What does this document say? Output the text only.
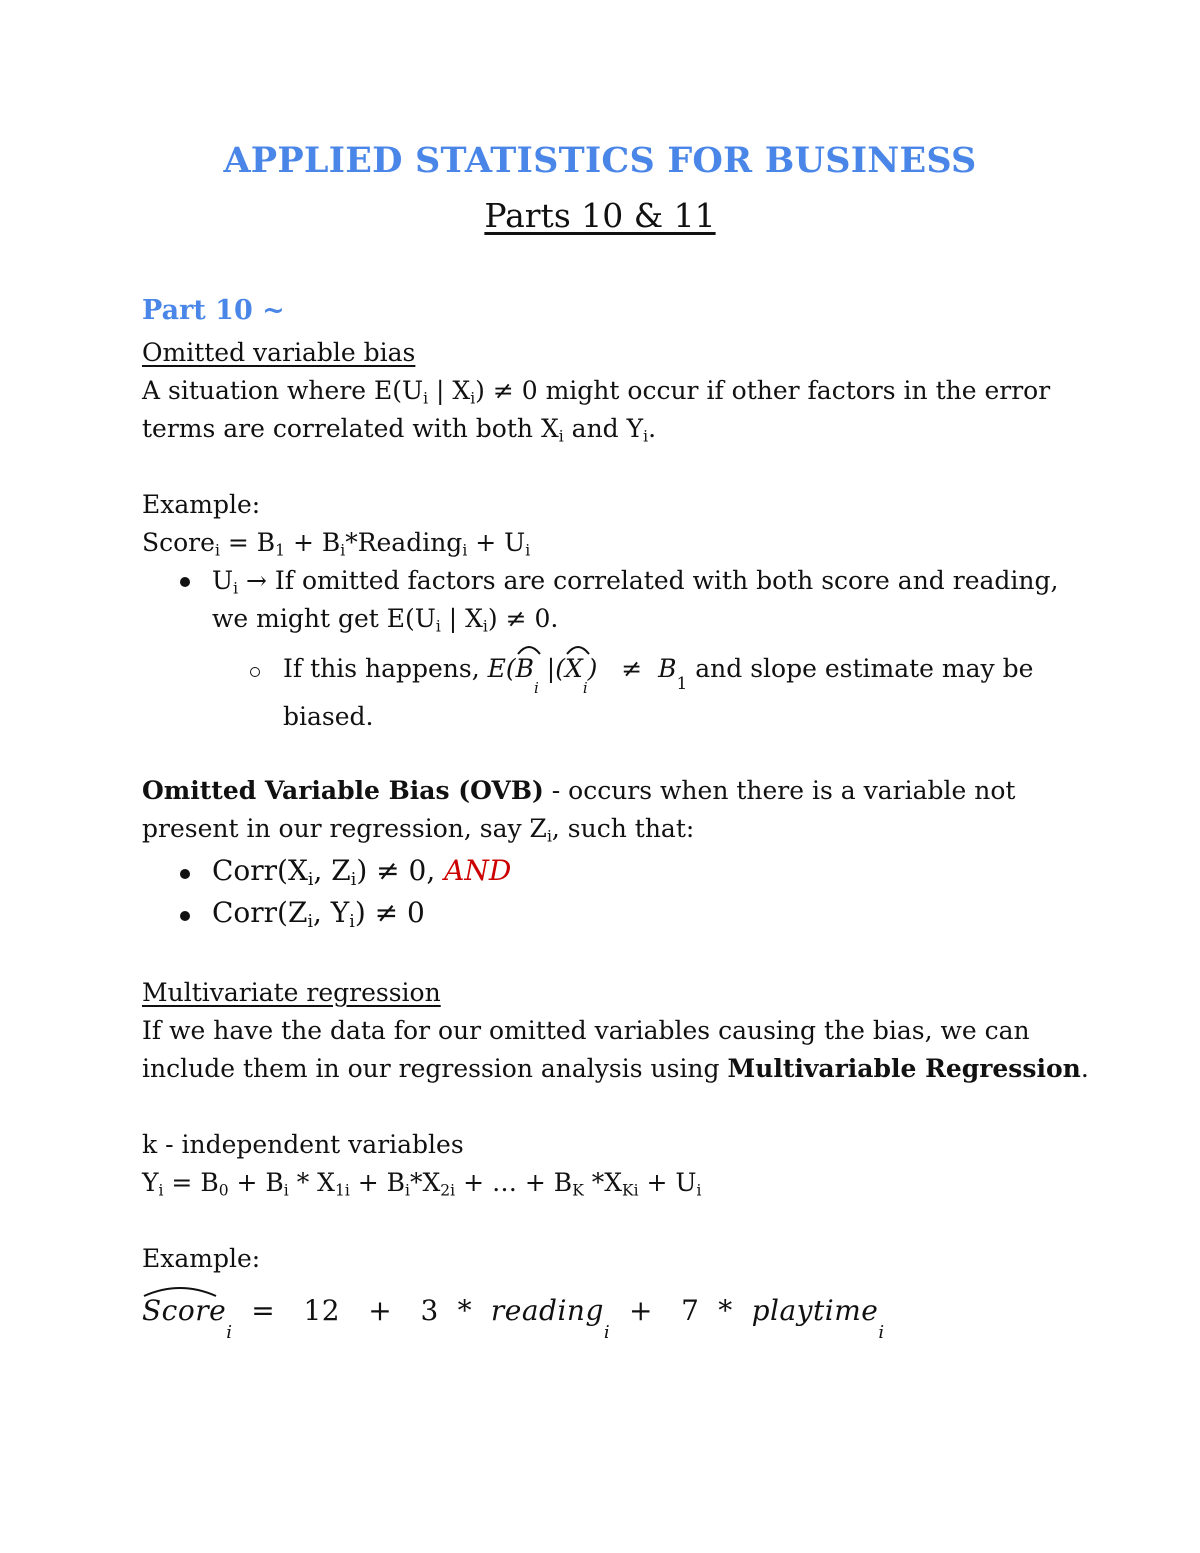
APPLIED STATISTICS FOR BUSINESS
Parts 10 & 11
Part 10 ~
Omitted variable bias
A situation where $E(U_i$ | $X_i) \ne 0$ might occur if other factors in the error
terms are correlated with both $X_i$ and $Y_i$.
Example:
Score$_i$ = $B_1$ + $B_i*Reading_i + U_i$
$U_i \to If$ omitted factors are correlated with both score and reading,
we might get $E(U_i$ | $X_i) \ne 0$.
If this happens, E(
$B_i$ |(
$X_i) \ne B_1$ and slope estimate may be
biased.
Omitted Variable Bias (OVB) - occurs when there is a variable not
present in our regression, say $Z_i$, such that:
$Corr(X_i$, $Z_i) \ne 0$, AND
$Corr(Z_i$, $Y_i) \ne 0$
Multivariate regression
If we have the data for our omitted variables causing the bias, we can
include them in our regression analysis using Multivariable Regression.
k - independent variables
$Y_i = B_0 + B_i * X_{1i} + B_i*X_{2i}$ + … + $B_K$ $*X_{Ki} + U_i$
Example:
Score$_i$  = 12 + 3 * reading$_i$  + 7 * playtime$_i$
